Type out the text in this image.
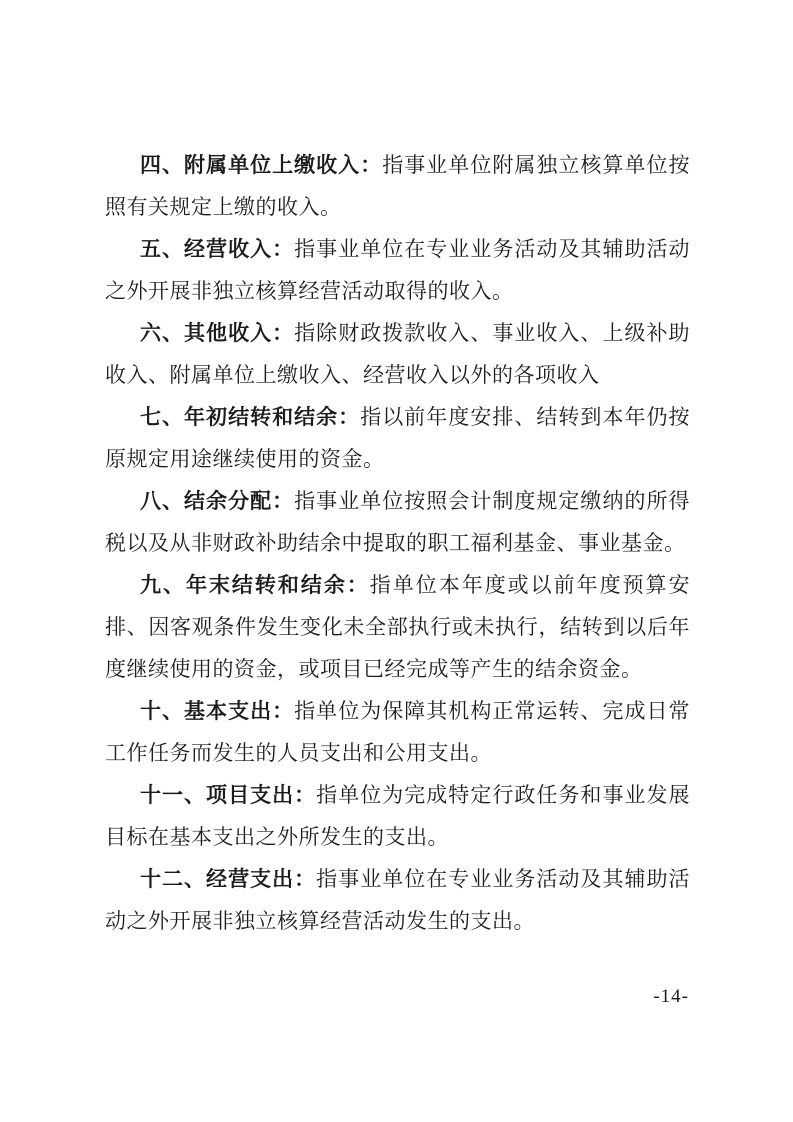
四、附属单位上缴收入：指事业单位附属独立核算单位按照有关规定上缴的收入。

五、经营收入：指事业单位在专业业务活动及其辅助活动之外开展非独立核算经营活动取得的收入。

六、其他收入：指除财政拨款收入、事业收入、上级补助收入、附属单位上缴收入、经营收入以外的各项收入

七、年初结转和结余：指以前年度安排、结转到本年仍按原规定用途继续使用的资金。

八、结余分配：指事业单位按照会计制度规定缴纳的所得税以及从非财政补助结余中提取的职工福利基金、事业基金。

九、年末结转和结余：指单位本年度或以前年度预算安排、因客观条件发生变化未全部执行或未执行，结转到以后年度继续使用的资金，或项目已经完成等产生的结余资金。

十、基本支出：指单位为保障其机构正常运转、完成日常工作任务而发生的人员支出和公用支出。

十一、项目支出：指单位为完成特定行政任务和事业发展目标在基本支出之外所发生的支出。

十二、经营支出：指事业单位在专业业务活动及其辅助活动之外开展非独立核算经营活动发生的支出。

-14-
